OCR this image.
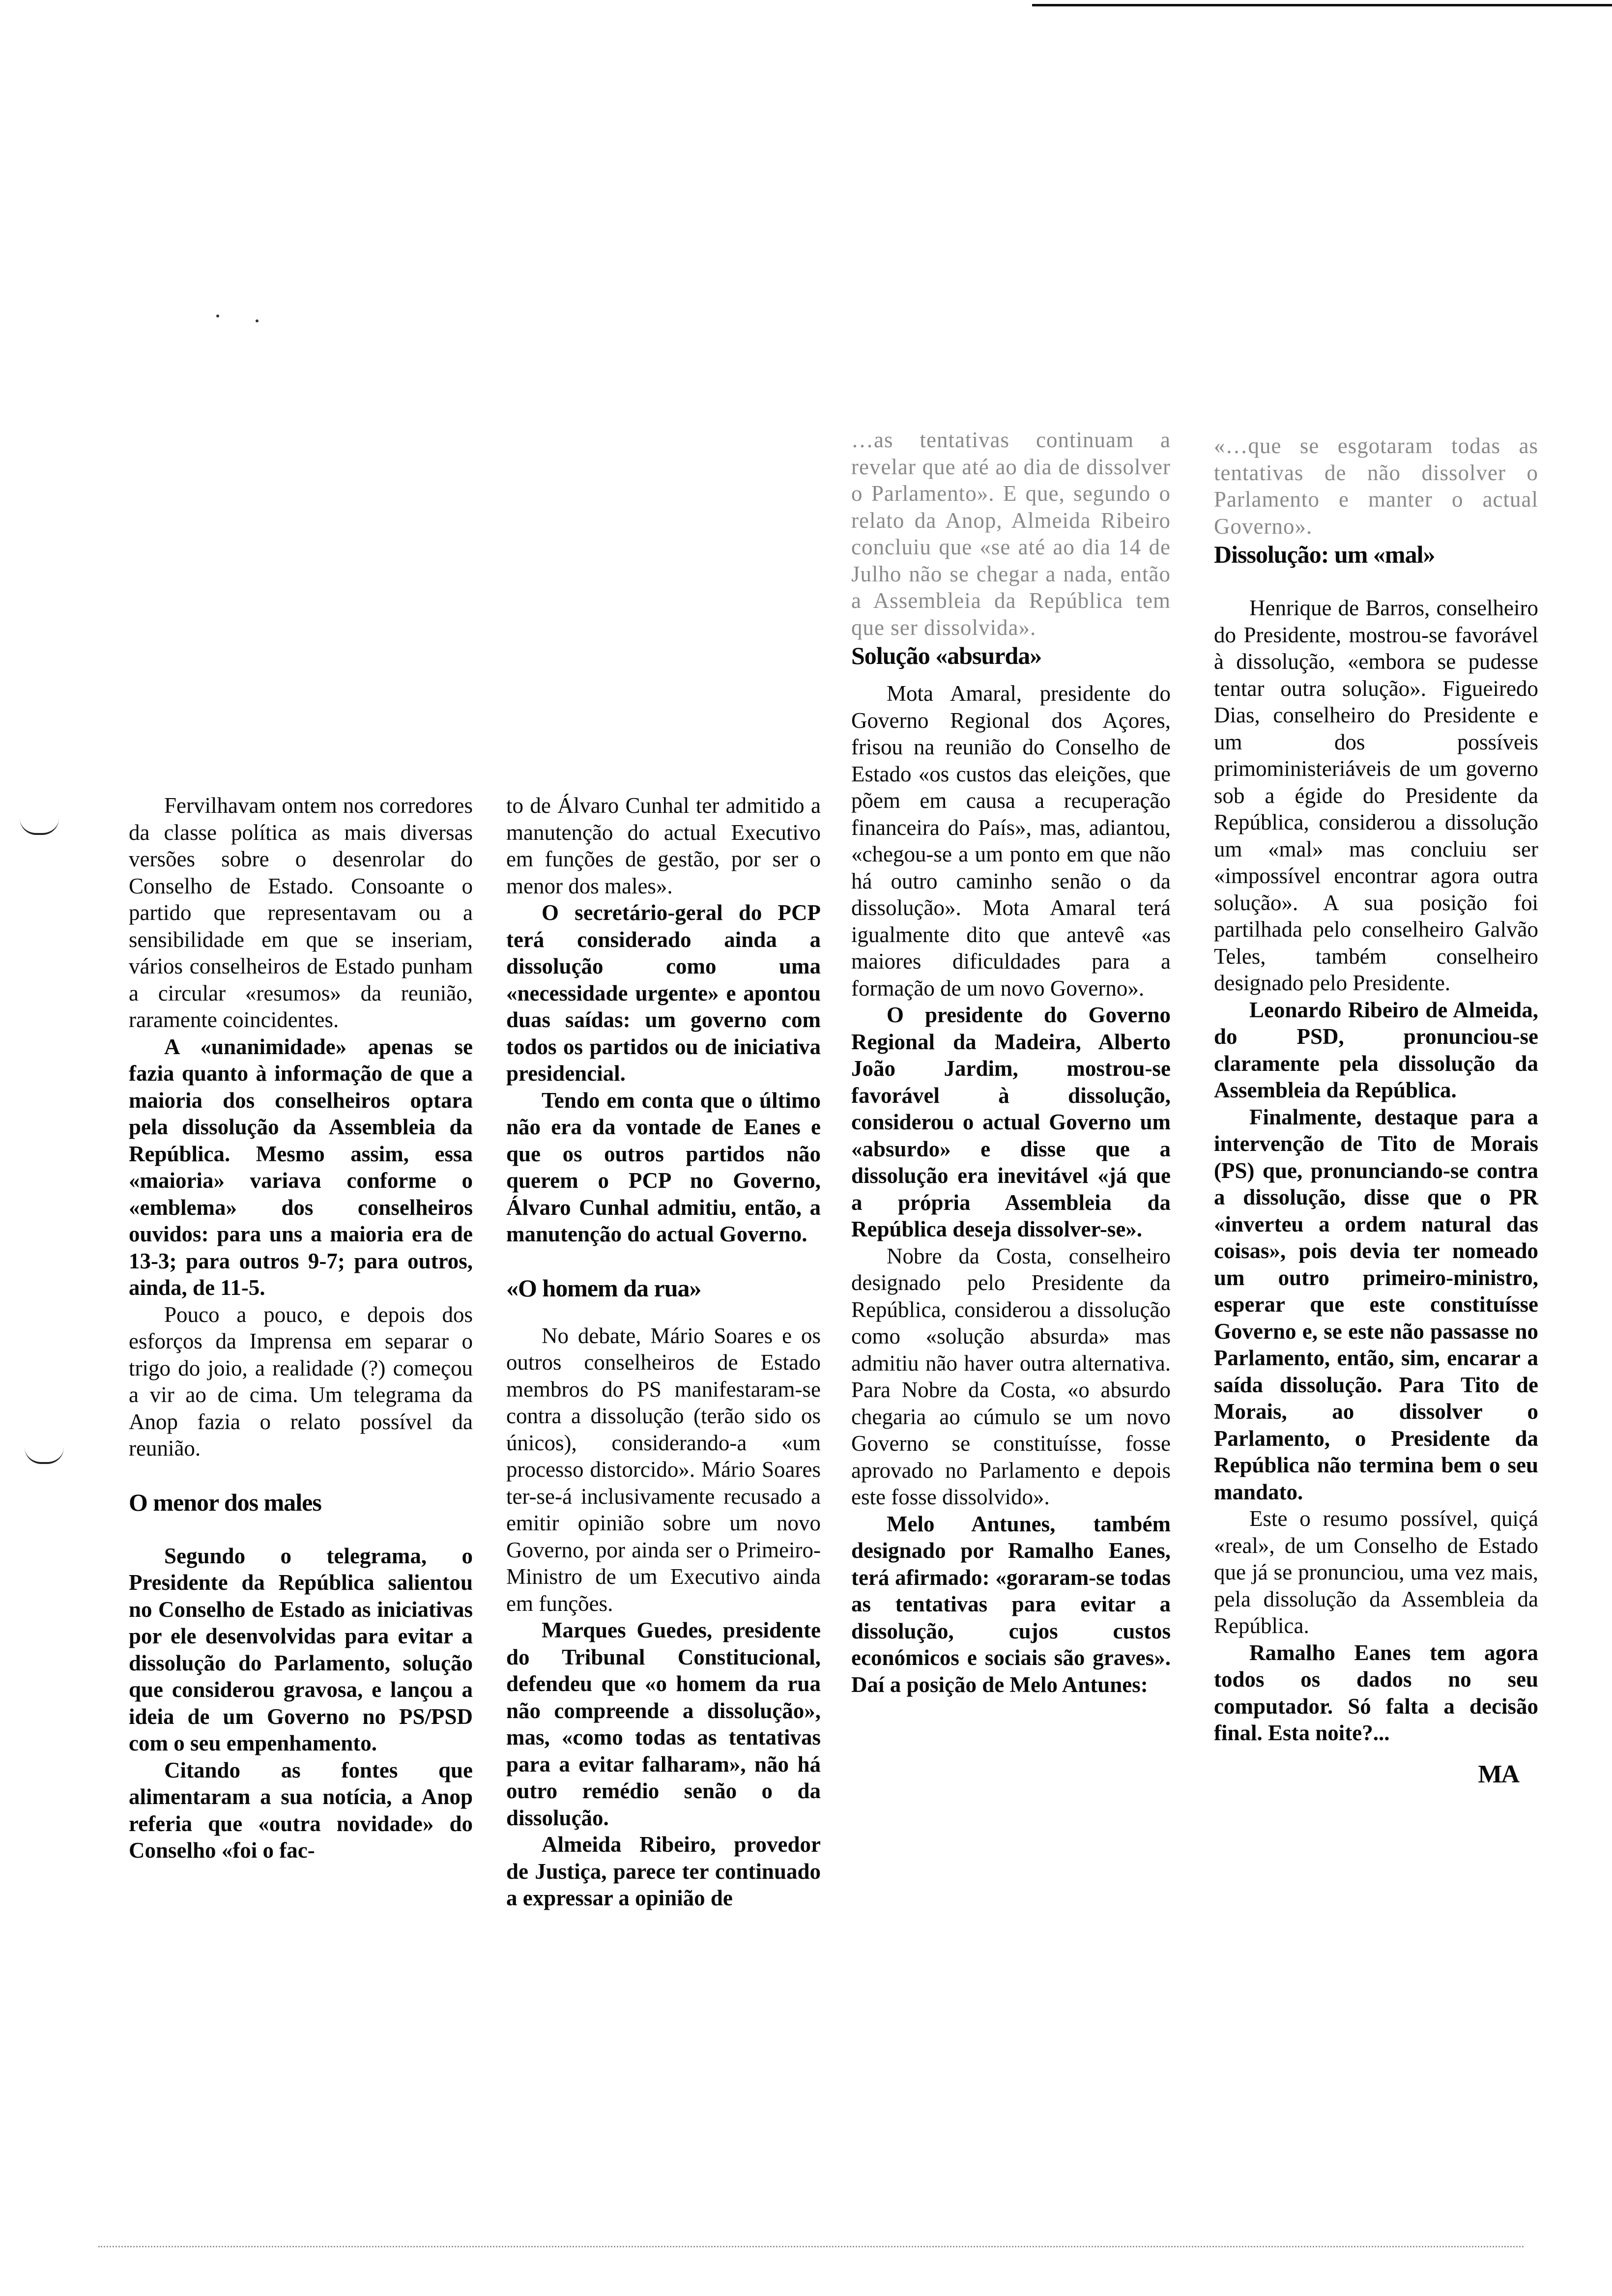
Fervilhavam ontem nos corredores da classe política as mais diversas versões sobre o desenrolar do Conselho de Estado. Consoante o partido que representavam ou a sensibilidade em que se inseriam, vários conselheiros de Estado punham a circular «resumos» da reunião, raramente coincidentes.

A «unanimidade» apenas se fazia quanto à informação de que a maioria dos conselheiros optara pela dissolução da Assembleia da República. Mesmo assim, essa «maioria» variava conforme o «emblema» dos conselheiros ouvidos: para uns a maioria era de 13-3; para outros 9-7; para outros, ainda, de 11-5.

Pouco a pouco, e depois dos esforços da Imprensa em separar o trigo do joio, a realidade (?) começou a vir ao de cima. Um telegrama da Anop fazia o relato possível da reunião.

O menor dos males

Segundo o telegrama, o Presidente da República salientou no Conselho de Estado as iniciativas por ele desenvolvidas para evitar a dissolução do Parlamento, solução que considerou gravosa, e lançou a ideia de um Governo no PS/PSD com o seu empenhamento.

Citando as fontes que alimentaram a sua notícia, a Anop referia que «outra novidade» do Conselho «foi o fac-

to de Álvaro Cunhal ter admitido a manutenção do actual Executivo em funções de gestão, por ser o menor dos males».

O secretário-geral do PCP terá considerado ainda a dissolução como uma «necessidade urgente» e apontou duas saídas: um governo com todos os partidos ou de iniciativa presidencial.

Tendo em conta que o último não era da vontade de Eanes e que os outros partidos não querem o PCP no Governo, Álvaro Cunhal admitiu, então, a manutenção do actual Governo.

«O homem da rua»

No debate, Mário Soares e os outros conselheiros de Estado membros do PS manifestaram-se contra a dissolução (terão sido os únicos), considerando-a «um processo distorcido». Mário Soares ter-se-á inclusivamente recusado a emitir opinião sobre um novo Governo, por ainda ser o Primeiro-Ministro de um Executivo ainda em funções.

Marques Guedes, presidente do Tribunal Constitucional, defendeu que «o homem da rua não compreende a dissolução», mas, «como todas as tentativas para a evitar falharam», não há outro remédio senão o da dissolução.

Almeida Ribeiro, provedor de Justiça, parece ter continuado a expressar a opinião de

…as tentativas continuam a revelar que até ao dia de dissolver o Parlamento». E que, segundo o relato da Anop, Almeida Ribeiro concluiu que «se até ao dia 14 de Julho não se chegar a nada, então a Assembleia da República tem que ser dissolvida».

Solução «absurda»

Mota Amaral, presidente do Governo Regional dos Açores, frisou na reunião do Conselho de Estado «os custos das eleições, que põem em causa a recuperação financeira do País», mas, adiantou, «chegou-se a um ponto em que não há outro caminho senão o da dissolução». Mota Amaral terá igualmente dito que antevê «as maiores dificuldades para a formação de um novo Governo».

O presidente do Governo Regional da Madeira, Alberto João Jardim, mostrou-se favorável à dissolução, considerou o actual Governo um «absurdo» e disse que a dissolução era inevitável «já que a própria Assembleia da República deseja dissolver-se».

Nobre da Costa, conselheiro designado pelo Presidente da República, considerou a dissolução como «solução absurda» mas admitiu não haver outra alternativa. Para Nobre da Costa, «o absurdo chegaria ao cúmulo se um novo Governo se constituísse, fosse aprovado no Parlamento e depois este fosse dissolvido».

Melo Antunes, também designado por Ramalho Eanes, terá afirmado: «goraram-se todas as tentativas para evitar a dissolução, cujos custos económicos e sociais são graves». Daí a posição de Melo Antunes:

«…que se esgotaram todas as tentativas de não dissolver o Parlamento e manter o actual Governo».

Dissolução: um «mal»

Henrique de Barros, conselheiro do Presidente, mostrou-se favorável à dissolução, «embora se pudesse tentar outra solução». Figueiredo Dias, conselheiro do Presidente e um dos possíveis primoministeriáveis de um governo sob a égide do Presidente da República, considerou a dissolução um «mal» mas concluiu ser «impossível encontrar agora outra solução». A sua posição foi partilhada pelo conselheiro Galvão Teles, também conselheiro designado pelo Presidente.

Leonardo Ribeiro de Almeida, do PSD, pronunciou-se claramente pela dissolução da Assembleia da República.

Finalmente, destaque para a intervenção de Tito de Morais (PS) que, pronunciando-se contra a dissolução, disse que o PR «inverteu a ordem natural das coisas», pois devia ter nomeado um outro primeiro-ministro, esperar que este constituísse Governo e, se este não passasse no Parlamento, então, sim, encarar a saída dissolução. Para Tito de Morais, ao dissolver o Parlamento, o Presidente da República não termina bem o seu mandato.

Este o resumo possível, quiçá «real», de um Conselho de Estado que já se pronunciou, uma vez mais, pela dissolução da Assembleia da República.

Ramalho Eanes tem agora todos os dados no seu computador. Só falta a decisão final. Esta noite?...

MA
